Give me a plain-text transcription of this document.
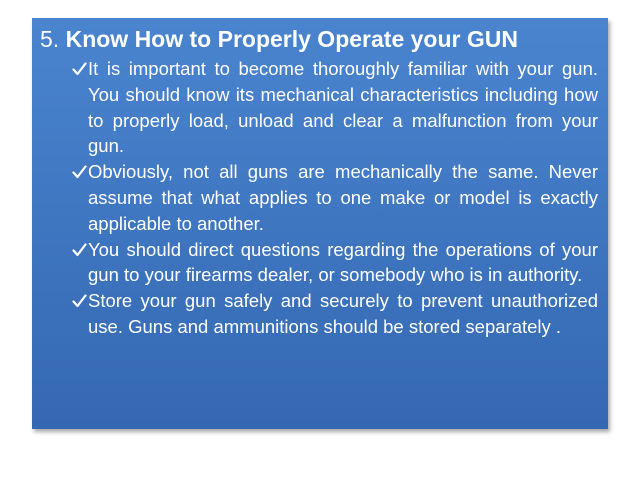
5. Know How to Properly Operate your GUN
It is important to become thoroughly familiar with your gun. You should know its mechanical characteristics including how to properly load, unload and clear a malfunction from your gun.
Obviously, not all guns are mechanically the same. Never assume that what applies to one make or model is exactly applicable to another.
You should direct questions regarding the operations of your gun to your firearms dealer, or somebody who is in authority.
Store your gun safely and securely to prevent unauthorized use. Guns and ammunitions should be stored separately .
